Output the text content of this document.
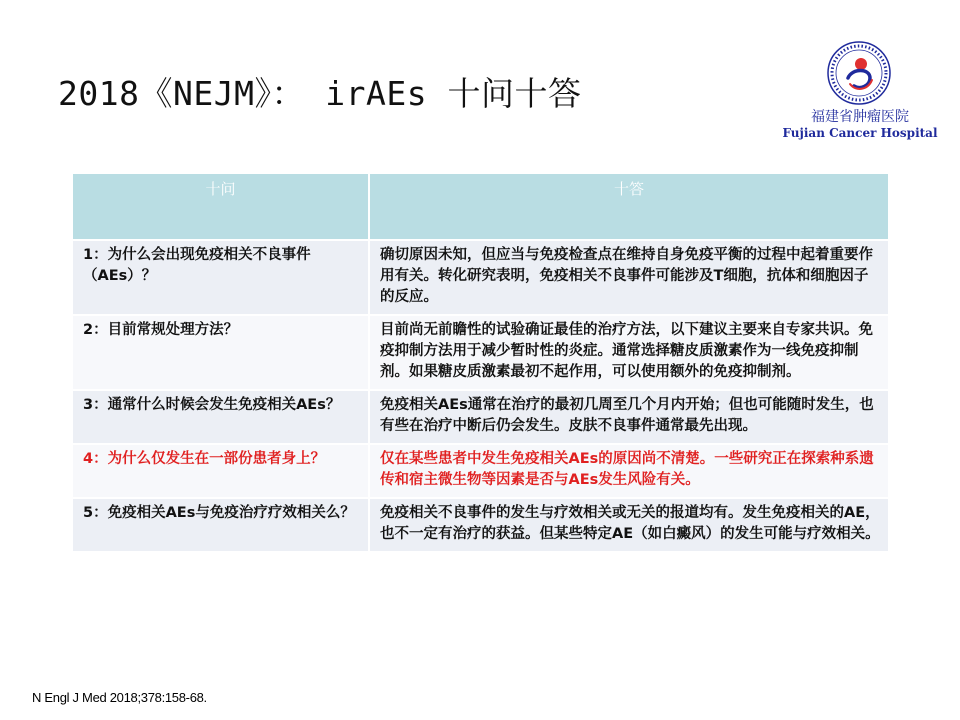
2018《NEJM》： irAEs 十问十答
福建省肿瘤医院
Fujian Cancer Hospital
十问	十答
1：为什么会出现免疫相关不良事件（AEs）？	确切原因未知，但应当与免疫检查点在维持自身免疫平衡的过程中起着重要作用有关。转化研究表明，免疫相关不良事件可能涉及T细胞，抗体和细胞因子的反应。
2：目前常规处理方法？	目前尚无前瞻性的试验确证最佳的治疗方法，以下建议主要来自专家共识。免疫抑制方法用于减少暂时性的炎症。通常选择糖皮质激素作为一线免疫抑制剂。如果糖皮质激素最初不起作用，可以使用额外的免疫抑制剂。
3：通常什么时候会发生免疫相关AEs？	免疫相关AEs通常在治疗的最初几周至几个月内开始；但也可能随时发生，也有些在治疗中断后仍会发生。皮肤不良事件通常最先出现。
4：为什么仅发生在一部份患者身上？	仅在某些患者中发生免疫相关AEs的原因尚不清楚。一些研究正在探索种系遗传和宿主微生物等因素是否与AEs发生风险有关。
5：免疫相关AEs与免疫治疗疗效相关么？	免疫相关不良事件的发生与疗效相关或无关的报道均有。发生免疫相关的AE，也不一定有治疗的获益。但某些特定AE（如白癜风）的发生可能与疗效相关。
N Engl J Med 2018;378:158-68.
